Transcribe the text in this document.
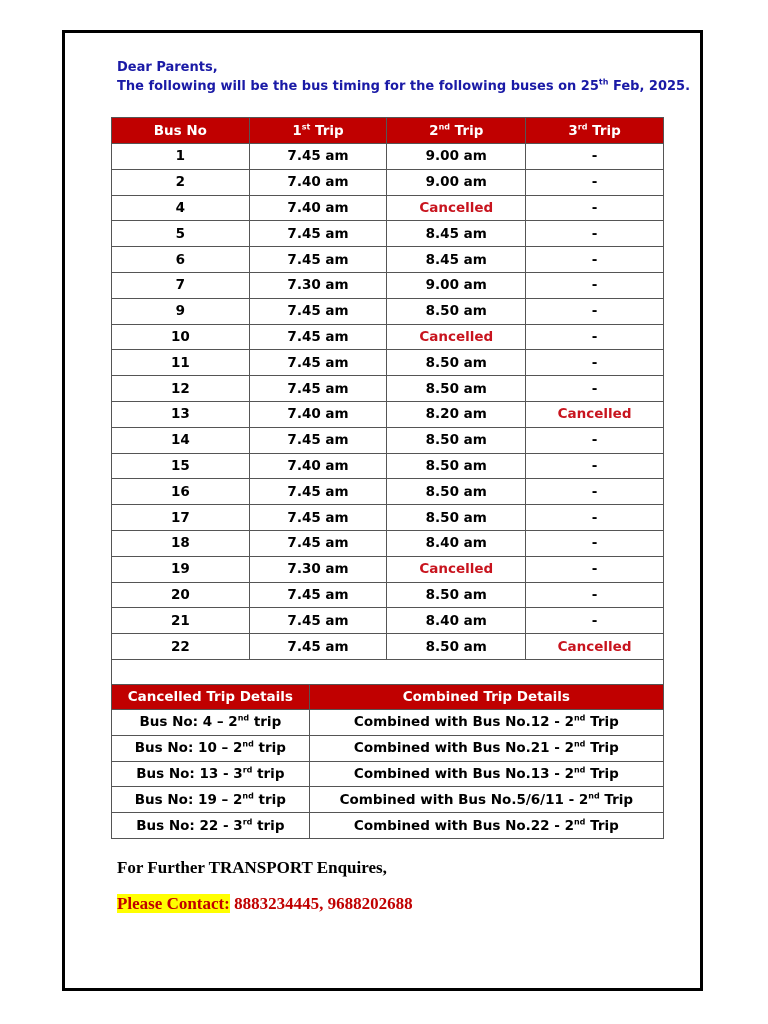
Dear Parents,
The following will be the bus timing for the following buses on 25th Feb, 2025.
Bus No	1st Trip	2nd Trip	3rd Trip
1	7.45 am	9.00 am	-
2	7.40 am	9.00 am	-
4	7.40 am	Cancelled	-
5	7.45 am	8.45 am	-
6	7.45 am	8.45 am	-
7	7.30 am	9.00 am	-
9	7.45 am	8.50 am	-
10	7.45 am	Cancelled	-
11	7.45 am	8.50 am	-
12	7.45 am	8.50 am	-
13	7.40 am	8.20 am	Cancelled
14	7.45 am	8.50 am	-
15	7.40 am	8.50 am	-
16	7.45 am	8.50 am	-
17	7.45 am	8.50 am	-
18	7.45 am	8.40 am	-
19	7.30 am	Cancelled	-
20	7.45 am	8.50 am	-
21	7.45 am	8.40 am	-
22	7.45 am	8.50 am	Cancelled

Cancelled Trip Details	Combined Trip Details
Bus No: 4 – 2nd trip	Combined with Bus No.12 - 2nd Trip
Bus No: 10 – 2nd trip	Combined with Bus No.21 - 2nd Trip
Bus No: 13 - 3rd trip	Combined with Bus No.13 - 2nd Trip
Bus No: 19 – 2nd trip	Combined with Bus No.5/6/11 - 2nd Trip
Bus No: 22 - 3rd trip	Combined with Bus No.22 - 2nd Trip
For Further TRANSPORT Enquires,
Please Contact: 8883234445, 9688202688
